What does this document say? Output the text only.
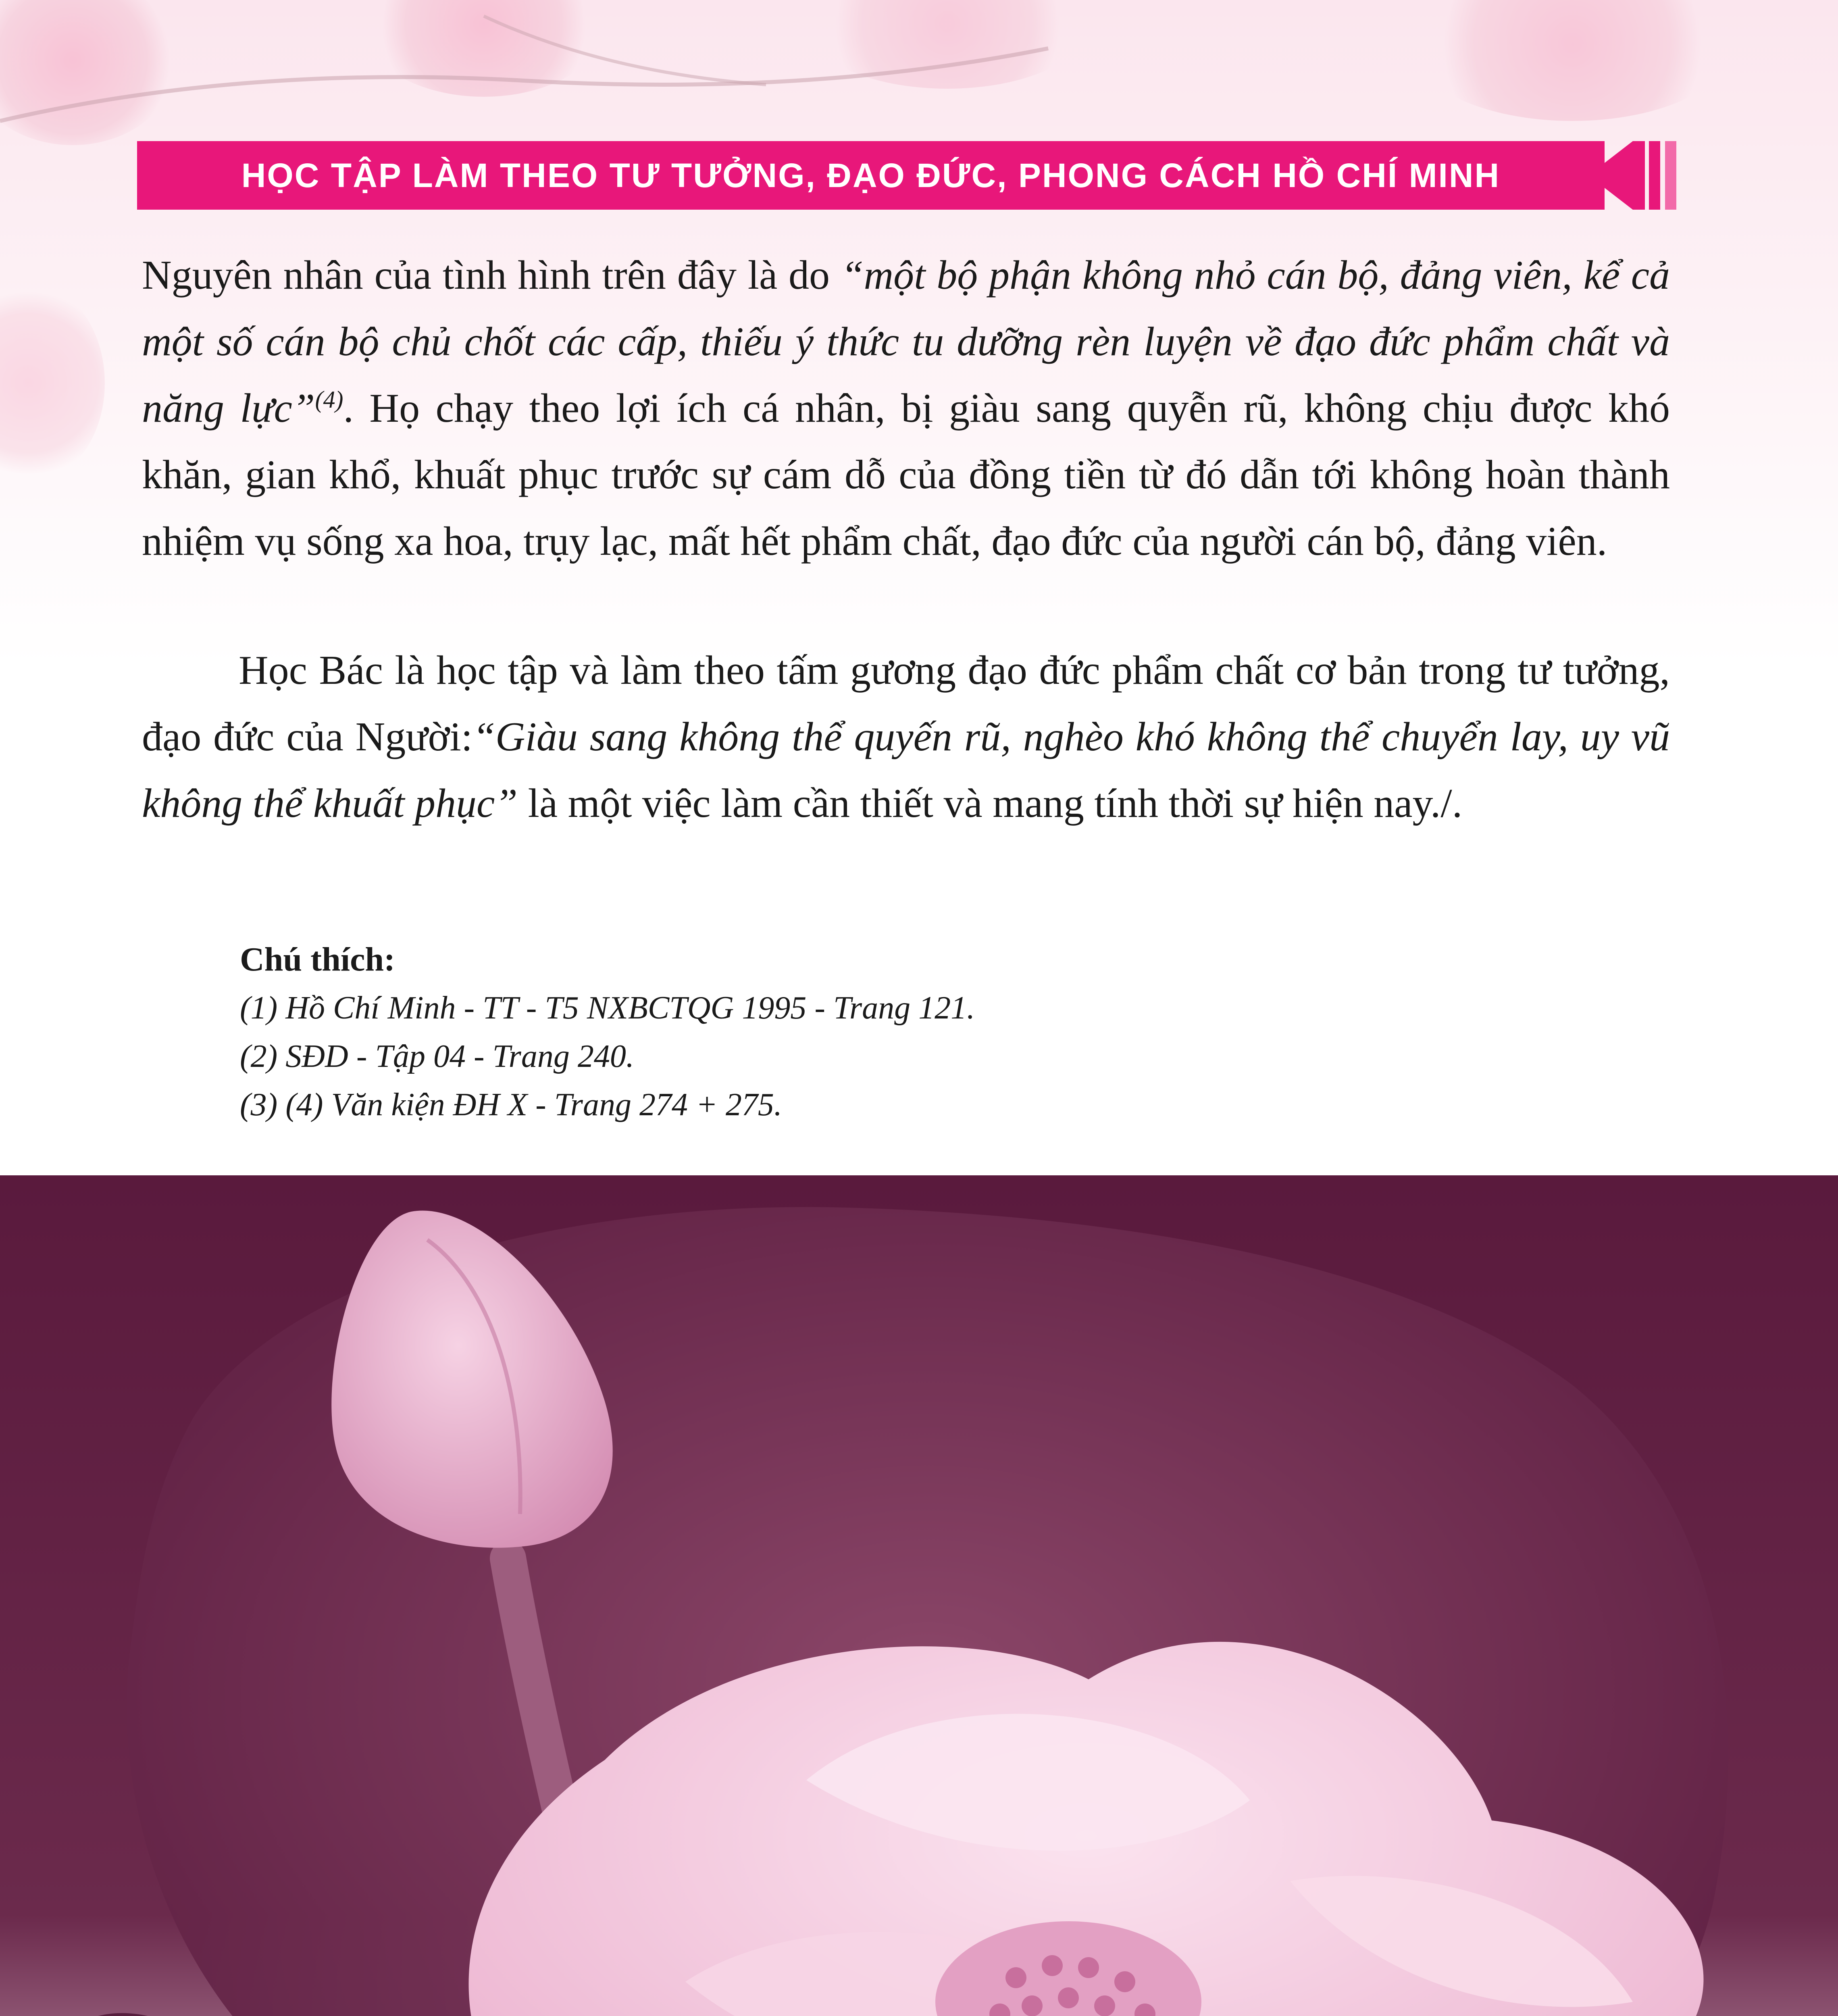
HỌC TẬP LÀM THEO TƯ TƯỞNG, ĐẠO ĐỨC, PHONG CÁCH HỒ CHÍ MINH
Nguyên nhân của tình hình trên đây là do “một bộ phận không nhỏ cán bộ, đảng viên, kể cả một số cán bộ chủ chốt các cấp, thiếu ý thức tu dưỡng rèn luyện về đạo đức phẩm chất và năng lực”$^{(4)}$. Họ chạy theo lợi ích cá nhân, bị giàu sang quyễn rũ, không chịu được khó khăn, gian khổ, khuất phục trước sự cám dỗ của đồng tiền từ đó dẫn tới không hoàn thành nhiệm vụ sống xa hoa, trụy lạc, mất hết phẩm chất, đạo đức của người cán bộ, đảng viên.
Học Bác là học tập và làm theo tấm gương đạo đức phẩm chất cơ bản trong tư tưởng, đạo đức của Người:“Giàu sang không thể quyến rũ, nghèo khó không thể chuyển lay, uy vũ không thể khuất phục” là một việc làm cần thiết và mang tính thời sự hiện nay./.
Chú thích:
(1) Hồ Chí Minh - TT - T5 NXBCTQG 1995 - Trang 121.
(2) SĐD - Tập 04 - Trang 240.
(3) (4) Văn kiện ĐH X - Trang 274 + 275.
